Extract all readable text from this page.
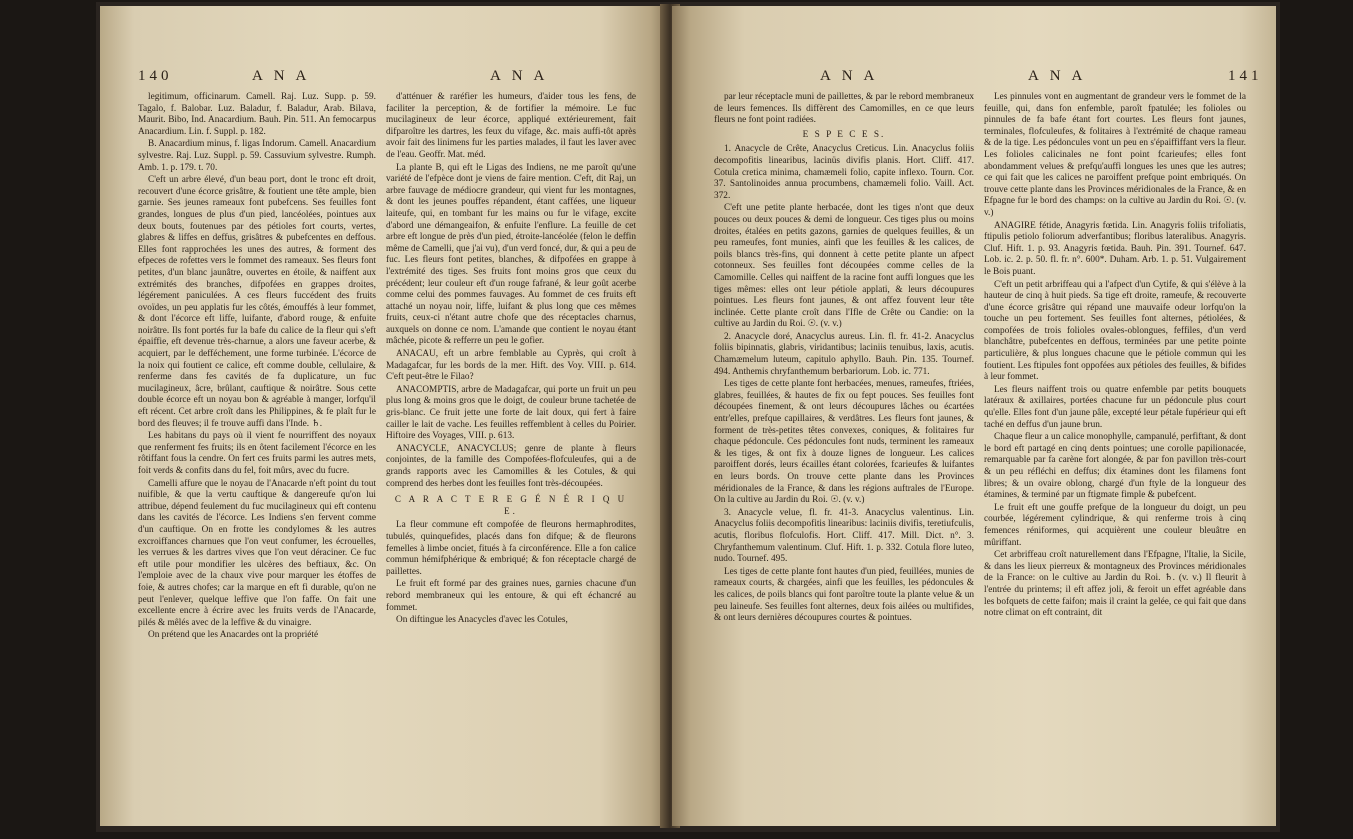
140	A N A	A N A

legitimum, officinarum. Camell. Raj. Luz. Supp. p. 59. Tagalo, f. Balobar. Luz. Baladur, f. Baladur, Arab. Bilava, Maurit. Bibo, Ind. Anacardium. Bauh. Pin. 511. An femocarpus Anacardium. Lin. f. Suppl. p. 182.

B. Anacardium minus, f. ligas Indorum. Camell. Anacardium sylvestre. Raj. Luz. Suppl. p. 59. Cassuvium sylvestre. Rumph. Amb. 1. p. 179. t. 70.

C'eft un arbre élevé, d'un beau port, dont le tronc eft droit, recouvert d'une écorce grisâtre, & foutient une tête ample, bien garnie. Ses jeunes rameaux font pubefcens. Ses feuilles font grandes, longues de plus d'un pied, lancéolées, pointues aux deux bouts, foutenues par des pétioles fort courts, vertes, glabres & liffes en deffus, grisâtres & pubefcentes en deffous. Elles font rapprochées les unes des autres, & forment des efpeces de rofettes vers le fommet des rameaux. Ses fleurs font petites, d'un blanc jaunâtre, ouvertes en étoile, & naiffent aux extrémités des branches, difpofées en grappes droites, légérement paniculées. A ces fleurs fuccédent des fruits ovoïdes, un peu applatis fur les côtés, émouffés à leur fommet, & dont l'écorce eft liffe, luifante, d'abord rouge, & enfuite noirâtre. Ils font portés fur la bafe du calice de la fleur qui s'eft épaiffie, eft devenue très-charnue, a alors une faveur acerbe, & acquiert, par le defféchement, une forme turbinée. L'écorce de la noix qui foutient ce calice, eft comme double, cellulaire, & renferme dans fes cavités de fa duplicature, un fuc mucilagineux, âcre, brûlant, cauftique & noirâtre. Sous cette double écorce eft un noyau bon & agréable à manger, lorfqu'il eft récent. Cet arbre croît dans les Philippines, & fe plaît fur le bord des fleuves; il fe trouve auffi dans l'Inde. ♄.

Les habitans du pays où il vient fe nourriffent des noyaux que renferment fes fruits; ils en ôtent facilement l'écorce en les rôtiffant fous la cendre. On fert ces fruits parmi les autres mets, foit verds & confits dans du fel, foit mûrs, avec du fucre.

Camelli affure que le noyau de l'Anacarde n'eft point du tout nuifible, & que la vertu cauftique & dangereufe qu'on lui attribue, dépend feulement du fuc mucilagineux qui eft contenu dans les cavités de l'écorce. Les Indiens s'en fervent comme d'un cauftique. On en frotte les condylomes & les autres excroiffances charnues que l'on veut confumer, les écrouelles, les verrues & les dartres vives que l'on veut déraciner. Ce fuc eft utile pour mondifier les ulcères des beftiaux, &c. On l'emploie avec de la chaux vive pour marquer les étoffes de foie, & autres chofes; car la marque en eft fi durable, qu'on ne peut l'enlever, quelque leffive que l'on faffe. On fait une excellente encre à écrire avec les fruits verds de l'Anacarde, pilés & mêlés avec de la leffive & du vinaigre.

On prétend que les Anacardes ont la propriété

d'atténuer & raréfier les humeurs, d'aider tous les fens, de faciliter la perception, & de fortifier la mémoire. Le fuc mucilagineux de leur écorce, appliqué extérieurement, fait difparoître les dartres, les feux du vifage, &c. mais auffi-tôt après avoir fait des linimens fur les parties malades, il faut les laver avec de l'eau. Geoffr. Mat. méd.

La plante B, qui eft le Ligas des Indiens, ne me paroît qu'une variété de l'efpèce dont je viens de faire mention. C'eft, dit Raj, un arbre fauvage de médiocre grandeur, qui vient fur les montagnes, & dont les jeunes pouffes répandent, étant caffées, une liqueur laiteufe, qui, en tombant fur les mains ou fur le vifage, excite d'abord une démangeaifon, & enfuite l'enflure. La feuille de cet arbre eft longue de près d'un pied, étroite-lancéolée (felon le deffin même de Camelli, que j'ai vu), d'un verd foncé, dur, & qui a peu de fuc. Les fleurs font petites, blanches, & difpofées en grappe à l'extrémité des tiges. Ses fruits font moins gros que ceux du précédent; leur couleur eft d'un rouge fafrané, & leur goût acerbe comme celui des pommes fauvages. Au fommet de ces fruits eft attaché un noyau noir, liffe, luifant & plus long que ces mêmes fruits, ceux-ci n'étant autre chofe que des réceptacles charnus, auxquels on donne ce nom. L'amande que contient le noyau étant mâchée, picote & refferre un peu le gofier.

ANACAU, eft un arbre femblable au Cyprès, qui croît à Madagafcar, fur les bords de la mer. Hift. des Voy. VIII. p. 614. C'eft peut-être le Filao?

ANACOMPTIS, arbre de Madagafcar, qui porte un fruit un peu plus long & moins gros que le doigt, de couleur brune tachetée de gris-blanc. Ce fruit jette une forte de lait doux, qui fert à faire cailler le lait de vache. Les feuilles reffemblent à celles du Poirier. Hiftoire des Voyages, VIII. p. 613.

ANACYCLE, ANACYCLUS; genre de plante à fleurs conjointes, de la famille des Compofées-flofculeufes, qui a de grands rapports avec les Camomilles & les Cotules, & qui comprend des herbes dont les feuilles font très-découpées.

C A R A C T E R E G É N É R I Q U E.

La fleur commune eft compofée de fleurons hermaphrodites, tubulés, quinquefides, placés dans fon difque; & de fleurons femelles à limbe onciet, fitués à fa circonférence. Elle a fon calice commun hémifphérique & embriqué; & fon réceptacle chargé de paillettes.

Le fruit eft formé par des graines nues, garnies chacune d'un rebord membraneux qui les entoure, & qui eft échancré au fommet.

On diftingue les Anacycles d'avec les Cotules,

A N A	A N A	141

par leur réceptacle muni de paillettes, & par le rebord membraneux de leurs femences. Ils diffèrent des Camomilles, en ce que leurs fleurs ne font point radiées.

E S P E C E S.

1. Anacycle de Crête, Anacyclus Creticus. Lin. Anacyclus foliis decompofitis linearibus, lacinüs divifis planis. Hort. Cliff. 417. Cotula cretica minima, chamæmeli folio, capite inflexo. Tourn. Cor. 37. Santolinoides annua procumbens, chamæmeli folio. Vaill. Act. 372.

C'eft une petite plante herbacée, dont les tiges n'ont que deux pouces ou deux pouces & demi de longueur. Ces tiges plus ou moins droites, étalées en petits gazons, garnies de quelques feuilles, & un peu rameufes, font munies, ainfi que les feuilles & les calices, de poils blancs très-fins, qui donnent à cette petite plante un afpect cotonneux. Ses feuilles font découpées comme celles de la Camomille. Celles qui naiffent de la racine font auffi longues que les tiges mêmes: elles ont leur pétiole applati, & leurs découpures pointues. Les fleurs font jaunes, & ont affez fouvent leur tête inclinée. Cette plante croît dans l'Ifle de Crête ou Candie: on la cultive au Jardin du Roi. ☉. (v. v.)

2. Anacycle doré, Anacyclus aureus. Lin. fl. fr. 41-2. Anacyclus foliis bipinnatis, glabris, viridantibus; laciniis tenuibus, laxis, acutis. Chamæmelum luteum, capitulo aphyllo. Bauh. Pin. 135. Tournef. 494. Anthemis chryfanthemum berbariorum. Lob. ic. 771.

Les tiges de cette plante font herbacées, menues, rameufes, ftriées, glabres, feuillées, & hautes de fix ou fept pouces. Ses feuilles font découpées finement, & ont leurs découpures lâches ou écartées entr'elles, prefque capillaires, & verdâtres. Les fleurs font jaunes, & forment de très-petites têtes convexes, coniques, & folitaires fur chaque pédoncule. Ces pédoncules font nuds, terminent les rameaux & les tiges, & ont fix à douze lignes de longueur. Les calices paroiffent dorés, leurs écailles étant colorées, fcarieufes & luifantes en leurs bords. On trouve cette plante dans les Provinces méridionales de la France, & dans les régions auftrales de l'Europe. On la cultive au Jardin du Roi. ☉. (v. v.)

3. Anacycle velue, fl. fr. 41-3. Anacyclus valentinus. Lin. Anacyclus foliis decompofitis linearibus: laciniis divifis, teretiufculis, acutis, floribus flofculofis. Hort. Cliff. 417. Mill. Dict. n°. 3. Chryfanthemum valentinum. Cluf. Hift. 1. p. 332. Cotula flore luteo, nudo. Tournef. 495.

Les tiges de cette plante font hautes d'un pied, feuillées, munies de rameaux courts, & chargées, ainfi que les feuilles, les pédoncules & les calices, de poils blancs qui font paroître toute la plante velue & un peu laineufe. Ses feuilles font alternes, deux fois ailées ou multifides, & ont leurs dernières découpures courtes & pointues.

Les pinnules vont en augmentant de grandeur vers le fommet de la feuille, qui, dans fon enfemble, paroît fpatulée; les folioles ou pinnules de fa bafe étant fort courtes. Les fleurs font jaunes, terminales, flofculeufes, & folitaires à l'extrémité de chaque rameau & de la tige. Les pédoncules vont un peu en s'épaiffiffant vers la fleur. Les folioles calicinales ne font point fcarieufes; elles font abondamment velues & prefqu'auffi longues les unes que les autres; ce qui fait que les calices ne paroiffent prefque point embriqués. On trouve cette plante dans les Provinces méridionales de la France, & en Efpagne fur le bord des champs: on la cultive au Jardin du Roi. ☉. (v. v.)

ANAGIRE fétide, Anagyris fœtida. Lin. Anagyris foliis trifoliatis, ftipulis petiolo foliorum adverfantibus; floribus lateralibus. Anagyris. Cluf. Hift. 1. p. 93. Anagyris fœtida. Bauh. Pin. 391. Tournef. 647. Lob. ic. 2. p. 50. fl. fr. n°. 600*. Duham. Arb. 1. p. 51. Vulgairement le Bois puant.

C'eft un petit arbriffeau qui a l'afpect d'un Cytife, & qui s'élève à la hauteur de cinq à huit pieds. Sa tige eft droite, rameufe, & recouverte d'une écorce grisâtre qui répand une mauvaife odeur lorfqu'on la touche un peu fortement. Ses feuilles font alternes, pétiolées, & compofées de trois folioles ovales-oblongues, feffiles, d'un verd blanchâtre, pubefcentes en deffous, terminées par une petite pointe particulière, & plus longues chacune que le pétiole commun qui les foutient. Les ftipules font oppofées aux pétioles des feuilles, & bifides à leur fommet.

Les fleurs naiffent trois ou quatre enfemble par petits bouquets latéraux & axillaires, portées chacune fur un pédoncule plus court qu'elle. Elles font d'un jaune pâle, excepté leur pétale fupérieur qui eft taché en deffus d'un jaune brun.

Chaque fleur a un calice monophylle, campanulé, perfiftant, & dont le bord eft partagé en cinq dents pointues; une corolle papilionacée, remarquable par fa carène fort alongée, & par fon pavillon très-court & un peu réfléchi en deffus; dix étamines dont les filamens font libres; & un ovaire oblong, chargé d'un ftyle de la longueur des étamines, & terminé par un ftigmate fimple & pubefcent.

Le fruit eft une gouffe prefque de la longueur du doigt, un peu courbée, légérement cylindrique, & qui renferme trois à cinq femences réniformes, qui acquièrent une couleur bleuâtre en mûriffant.

Cet arbriffeau croît naturellement dans l'Efpagne, l'Italie, la Sicile, & dans les lieux pierreux & montagneux des Provinces méridionales de la France: on le cultive au Jardin du Roi. ♄. (v. v.) Il fleurit à l'entrée du printems; il eft affez joli, & feroit un effet agréable dans les bofquets de cette faifon; mais il craint la gelée, ce qui fait que dans notre climat on eft contraint, dit
